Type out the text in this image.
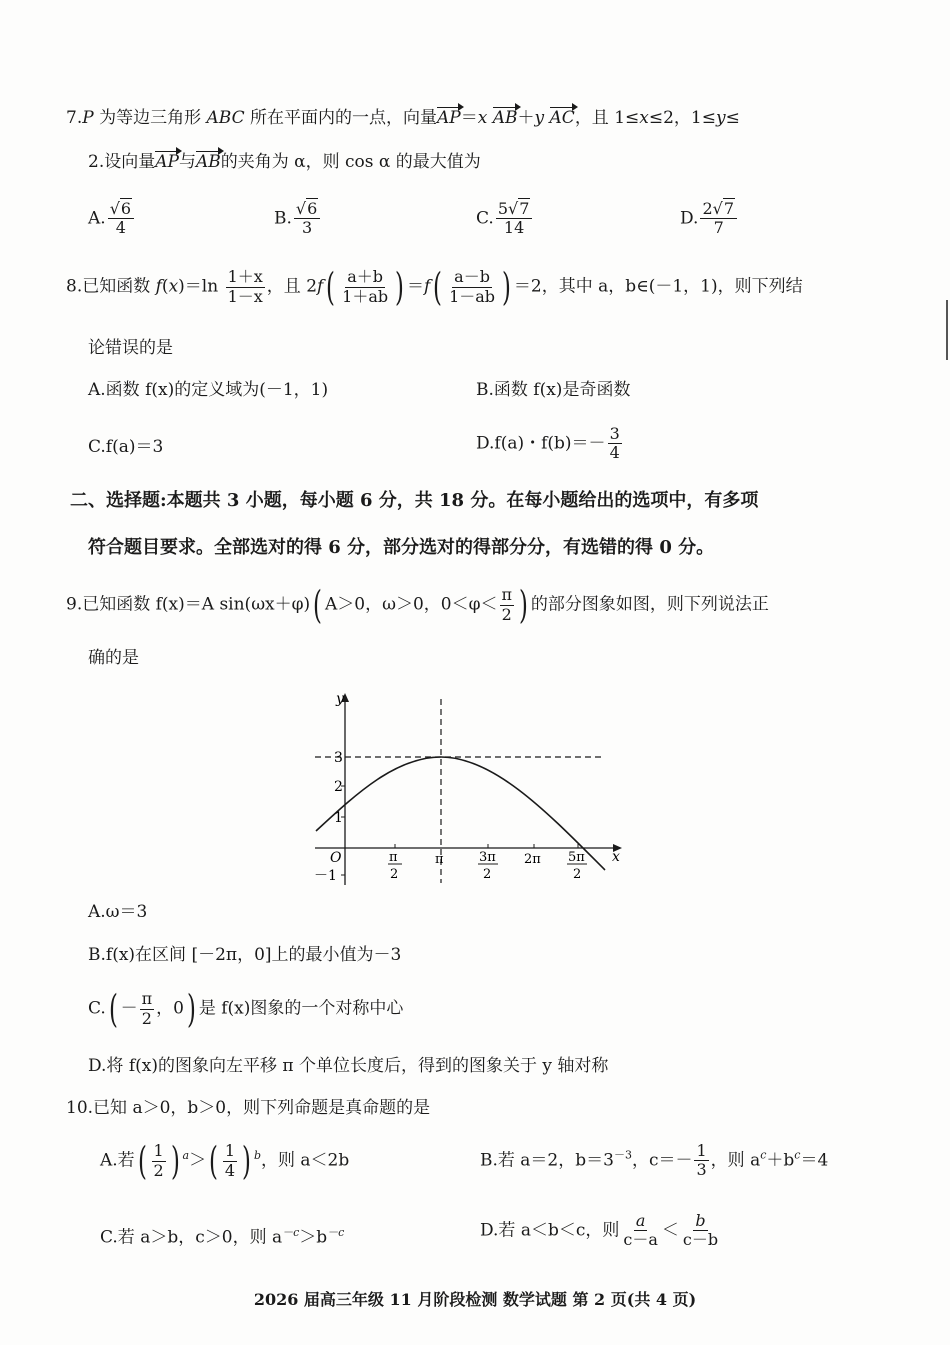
7.P 为等边三角形 ABC 所在平面内的一点，向量AP＝x AB＋y AC，且 1≤x≤2，1≤y≤
2.设向量AP与AB的夹角为 α，则 cos α 的最大值为
A. $\frac{√6}{4}$	B. $\frac{√6}{3}$	C. $\frac{5√7}{14}$	D. $\frac{2√7}{7}$
8.已知函数 $f(x)=\ln \frac{1+x}{1-x}$ ，且 $2f( \frac{a+b}{1+ab}$ ) $=f( \frac{a-b}{1-ab}$ ) ＝2，其中 a，b∈(－1，1)，则下列结
论错误的是
A.函数 f(x)的定义域为(－1，1)	B.函数 f(x)是奇函数
C.f(a)＝3	D.f(a)・$f(b)=- \frac{3}{4}$
二、选择题:本题共 3 小题，每小题 6 分，共 18 分。在每小题给出的选项中，有多项
符合题目要求。全部选对的得 6 分，部分选对的得部分分，有选错的得 0 分。
9.已知函数 f(x)＝A sin(ωx＋φ)( A＞0，ω＞0，$0<\varphi< \frac{\pi}{2}$ ) 的部分图象如图，则下列说法正
确的是
y
x
O
3
2
1
－1
π
2
π	3π
2
2π 5π
2
A.ω＝3
B.f(x)在区间 [－2π，0]上的最小值为－3
$C.( - \frac{\pi}{2}$ ，0) 是 f(x)图象的一个对称中心
D.将 f(x)的图象向左平移 π 个单位长度后，得到的图象关于 y 轴对称
10.已知 a＞0，b＞0，则下列命题是真命题的是
A.若( $\frac{1}{2}$ ) $^a>( \frac{1}{4}$ ) $^b$，则 a＜2b	B.若 a＝2，$b=3^{-3}$，$c=- \frac{1}{3}$ ，则 $a^c+b^c=4$
C.若 a＞b，c＞0，则 $a^{-c}>b^{-c}$	D.若 a＜b＜c，则 $\frac{a}{c-a} < \frac{b}{c-b}$
2026 届高三年级 11 月阶段检测 数学试题 第 2 页(共 4 页)
